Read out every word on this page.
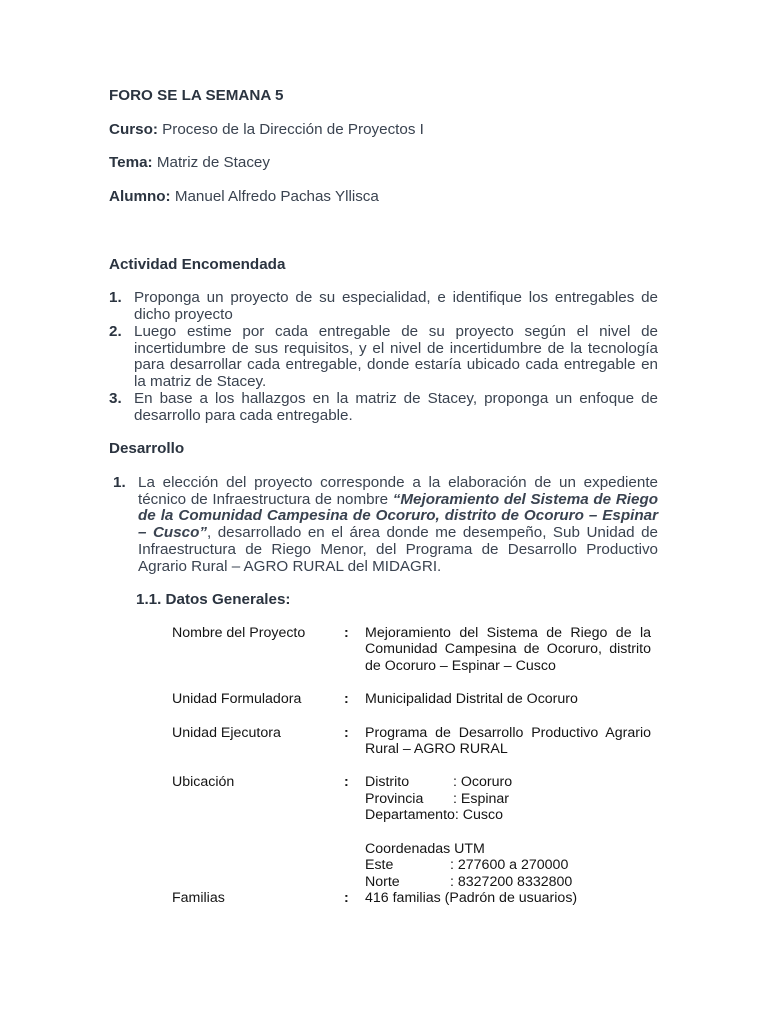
FORO SE LA SEMANA 5
Curso: Proceso de la Dirección de Proyectos I
Tema: Matriz de Stacey
Alumno: Manuel Alfredo Pachas Yllisca
Actividad Encomendada
1. Proponga un proyecto de su especialidad, e identifique los entregables de
dicho proyecto
2. Luego estime por cada entregable de su proyecto según el nivel de
incertidumbre de sus requisitos, y el nivel de incertidumbre de la tecnología
para desarrollar cada entregable, donde estaría ubicado cada entregable en
la matriz de Stacey.
3. En base a los hallazgos en la matriz de Stacey, proponga un enfoque de
desarrollo para cada entregable.
Desarrollo
1. La elección del proyecto corresponde a la elaboración de un expediente
técnico de Infraestructura de nombre “Mejoramiento del Sistema de Riego
de la Comunidad Campesina de Ocoruro, distrito de Ocoruro – Espinar
– Cusco”, desarrollado en el área donde me desempeño, Sub Unidad de
Infraestructura de Riego Menor, del Programa de Desarrollo Productivo
Agrario Rural – AGRO RURAL del MIDAGRI.
1.1. Datos Generales:
Nombre del Proyecto	: Mejoramiento del Sistema de Riego de la
Comunidad Campesina de Ocoruro, distrito
de Ocoruro – Espinar – Cusco
Unidad Formuladora	: Municipalidad Distrital de Ocoruro
Unidad Ejecutora	: Programa de Desarrollo Productivo Agrario
Rural – AGRO RURAL
Ubicación	: Distrito	: Ocoruro
Provincia : Espinar
Departamento: Cusco
Coordenadas UTM
Este	: 277600 a 270000
Norte	: 8327200 8332800
Familias	: 416 familias (Padrón de usuarios)
